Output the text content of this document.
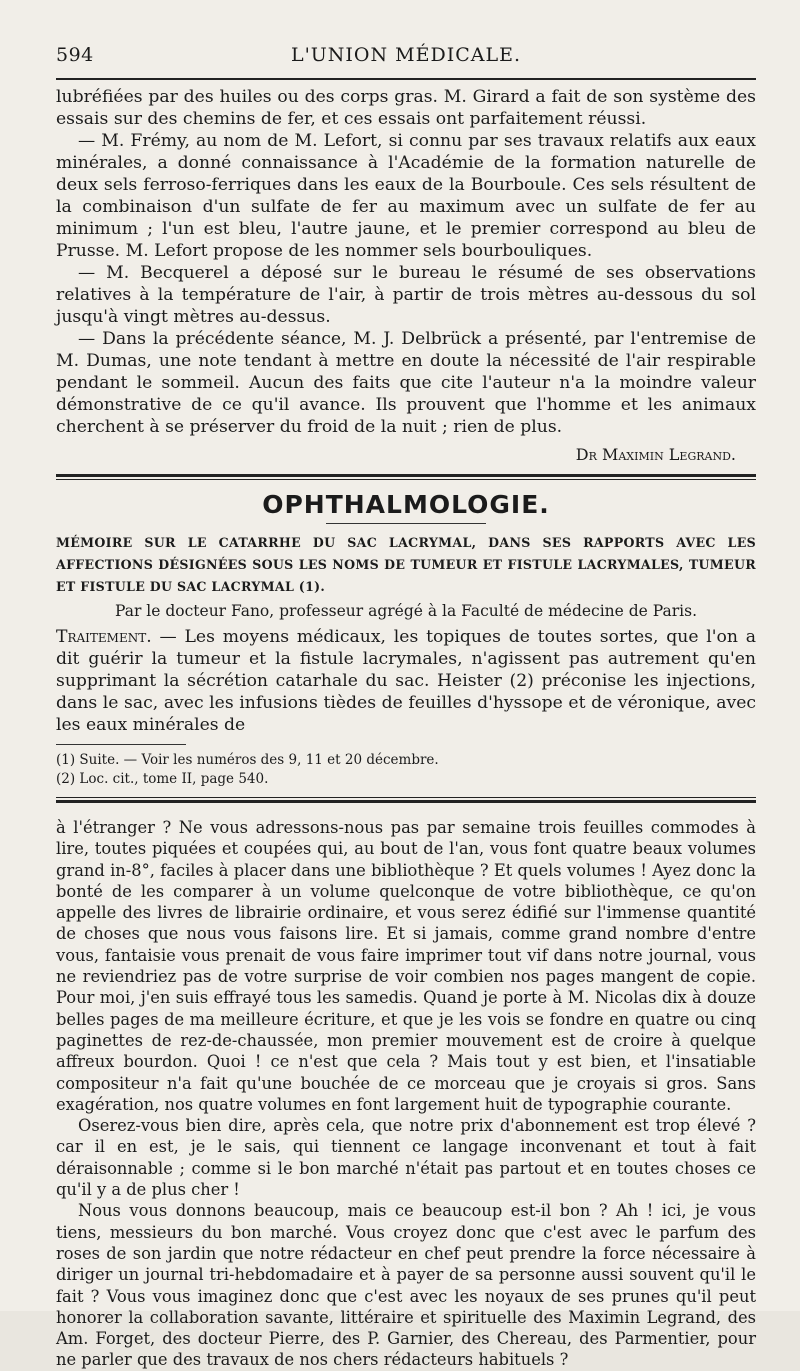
594	L'UNION MÉDICALE.

lubréfiées par des huiles ou des corps gras. M. Girard a fait de son système des essais sur des chemins de fer, et ces essais ont parfaitement réussi.

— M. Frémy, au nom de M. Lefort, si connu par ses travaux relatifs aux eaux minérales, a donné connaissance à l'Académie de la formation naturelle de deux sels ferroso-ferriques dans les eaux de la Bourboule. Ces sels résultent de la combinaison d'un sulfate de fer au maximum avec un sulfate de fer au minimum ; l'un est bleu, l'autre jaune, et le premier correspond au bleu de Prusse. M. Lefort propose de les nommer sels bourbouliques.

— M. Becquerel a déposé sur le bureau le résumé de ses observations relatives à la température de l'air, à partir de trois mètres au-dessous du sol jusqu'à vingt mètres au-dessus.

— Dans la précédente séance, M. J. Delbrück a présenté, par l'entremise de M. Dumas, une note tendant à mettre en doute la nécessité de l'air respirable pendant le sommeil. Aucun des faits que cite l'auteur n'a la moindre valeur démonstrative de ce qu'il avance. Ils prouvent que l'homme et les animaux cherchent à se préserver du froid de la nuit ; rien de plus.

Dr Maximin Legrand.
OPHTHALMOLOGIE.

MÉMOIRE SUR LE CATARRHE DU SAC LACRYMAL, DANS SES RAPPORTS AVEC LES AFFECTIONS DÉSIGNÉES SOUS LES NOMS DE TUMEUR ET FISTULE LACRYMALES, TUMEUR ET FISTULE DU SAC LACRYMAL (1).

Par le docteur Fano, professeur agrégé à la Faculté de médecine de Paris.

Traitement. — Les moyens médicaux, les topiques de toutes sortes, que l'on a dit guérir la tumeur et la fistule lacrymales, n'agissent pas autrement qu'en supprimant la sécrétion catarhale du sac. Heister (2) préconise les injections, dans le sac, avec les infusions tièdes de feuilles d'hyssope et de véronique, avec les eaux minérales de

(1) Suite. — Voir les numéros des 9, 11 et 20 décembre.
(2) Loc. cit., tome II, page 540.

à l'étranger ? Ne vous adressons-nous pas par semaine trois feuilles commodes à lire, toutes piquées et coupées qui, au bout de l'an, vous font quatre beaux volumes grand in-8°, faciles à placer dans une bibliothèque ? Et quels volumes ! Ayez donc la bonté de les comparer à un volume quelconque de votre bibliothèque, ce qu'on appelle des livres de librairie ordinaire, et vous serez édifié sur l'immense quantité de choses que nous vous faisons lire. Et si jamais, comme grand nombre d'entre vous, fantaisie vous prenait de vous faire imprimer tout vif dans notre journal, vous ne reviendriez pas de votre surprise de voir combien nos pages mangent de copie. Pour moi, j'en suis effrayé tous les samedis. Quand je porte à M. Nicolas dix à douze belles pages de ma meilleure écriture, et que je les vois se fondre en quatre ou cinq paginettes de rez-de-chaussée, mon premier mouvement est de croire à quelque affreux bourdon. Quoi ! ce n'est que cela ? Mais tout y est bien, et l'insatiable compositeur n'a fait qu'une bouchée de ce morceau que je croyais si gros. Sans exagération, nos quatre volumes en font largement huit de typographie courante.

Oserez-vous bien dire, après cela, que notre prix d'abonnement est trop élevé ? car il en est, je le sais, qui tiennent ce langage inconvenant et tout à fait déraisonnable ; comme si le bon marché n'était pas partout et en toutes choses ce qu'il y a de plus cher !

Nous vous donnons beaucoup, mais ce beaucoup est-il bon ? Ah ! ici, je vous tiens, messieurs du bon marché. Vous croyez donc que c'est avec le parfum des roses de son jardin que notre rédacteur en chef peut prendre la force nécessaire à diriger un journal tri-hebdomadaire et à payer de sa personne aussi souvent qu'il le fait ? Vous vous imaginez donc que c'est avec les noyaux de ses prunes qu'il peut honorer la collaboration savante, littéraire et spirituelle des Maximin Legrand, des Am. Forget, des docteur Pierre, des P. Garnier, des Chereau, des Parmentier, pour ne parler que des travaux de nos chers rédacteurs habituels ?
